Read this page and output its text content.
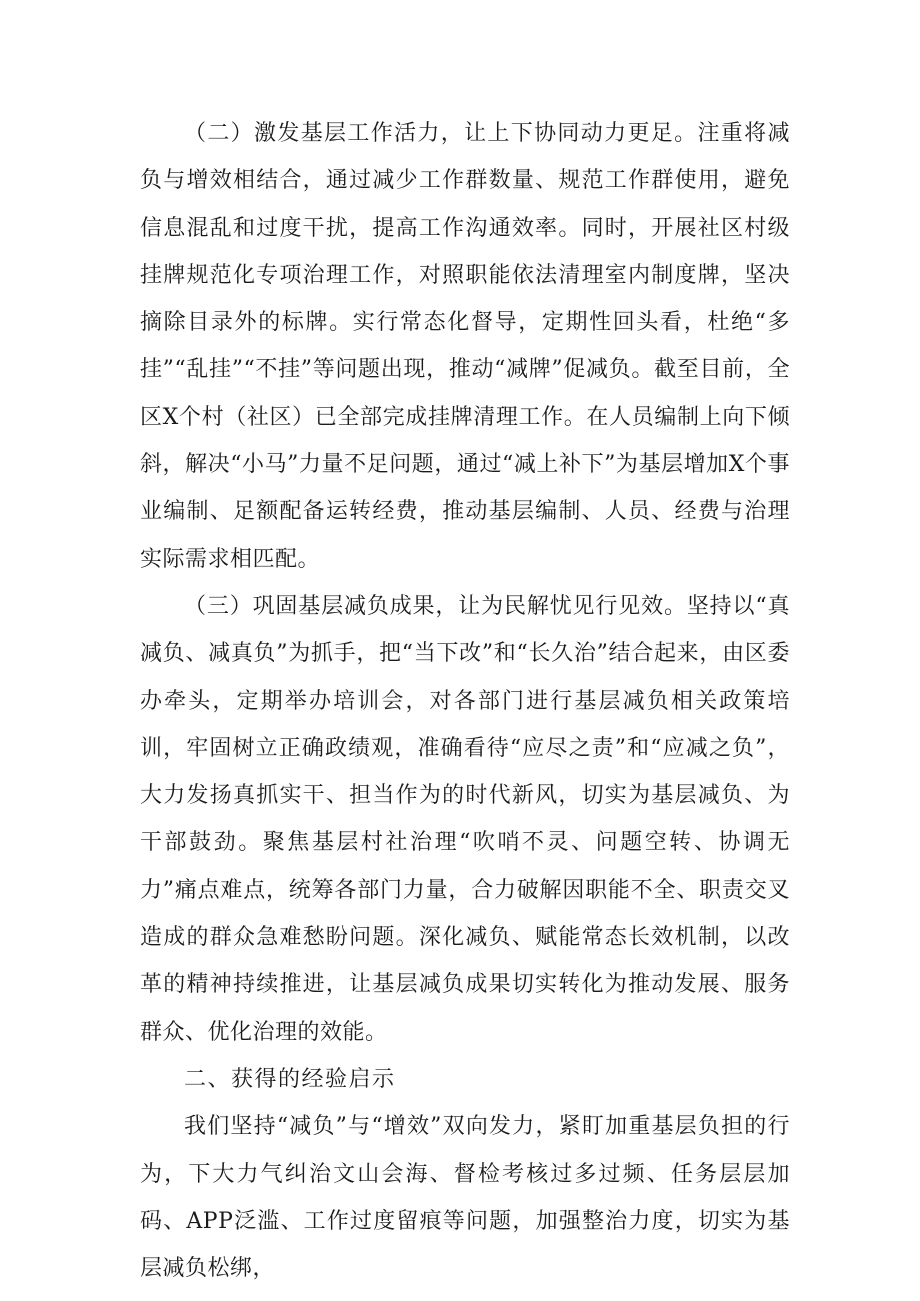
（二）激发基层工作活力，让上下协同动力更足。注重将减负与增效相结合，通过减少工作群数量、规范工作群使用，避免信息混乱和过度干扰，提高工作沟通效率。同时，开展社区村级挂牌规范化专项治理工作，对照职能依法清理室内制度牌，坚决摘除目录外的标牌。实行常态化督导，定期性回头看，杜绝“多挂”“乱挂”“不挂”等问题出现，推动“减牌”促减负。截至目前，全区X个村（社区）已全部完成挂牌清理工作。在人员编制上向下倾斜，解决“小马”力量不足问题，通过“减上补下”为基层增加X个事业编制、足额配备运转经费，推动基层编制、人员、经费与治理实际需求相匹配。

（三）巩固基层减负成果，让为民解忧见行见效。坚持以“真减负、减真负”为抓手，把“当下改”和“长久治”结合起来，由区委办牵头，定期举办培训会，对各部门进行基层减负相关政策培训，牢固树立正确政绩观，准确看待“应尽之责”和“应减之负”，大力发扬真抓实干、担当作为的时代新风，切实为基层减负、为干部鼓劲。聚焦基层村社治理“吹哨不灵、问题空转、协调无力”痛点难点，统筹各部门力量，合力破解因职能不全、职责交叉造成的群众急难愁盼问题。深化减负、赋能常态长效机制，以改革的精神持续推进，让基层减负成果切实转化为推动发展、服务群众、优化治理的效能。

二、获得的经验启示

我们坚持“减负”与“增效”双向发力，紧盯加重基层负担的行为，下大力气纠治文山会海、督检考核过多过频、任务层层加码、APP泛滥、工作过度留痕等问题，加强整治力度，切实为基层减负松绑，
